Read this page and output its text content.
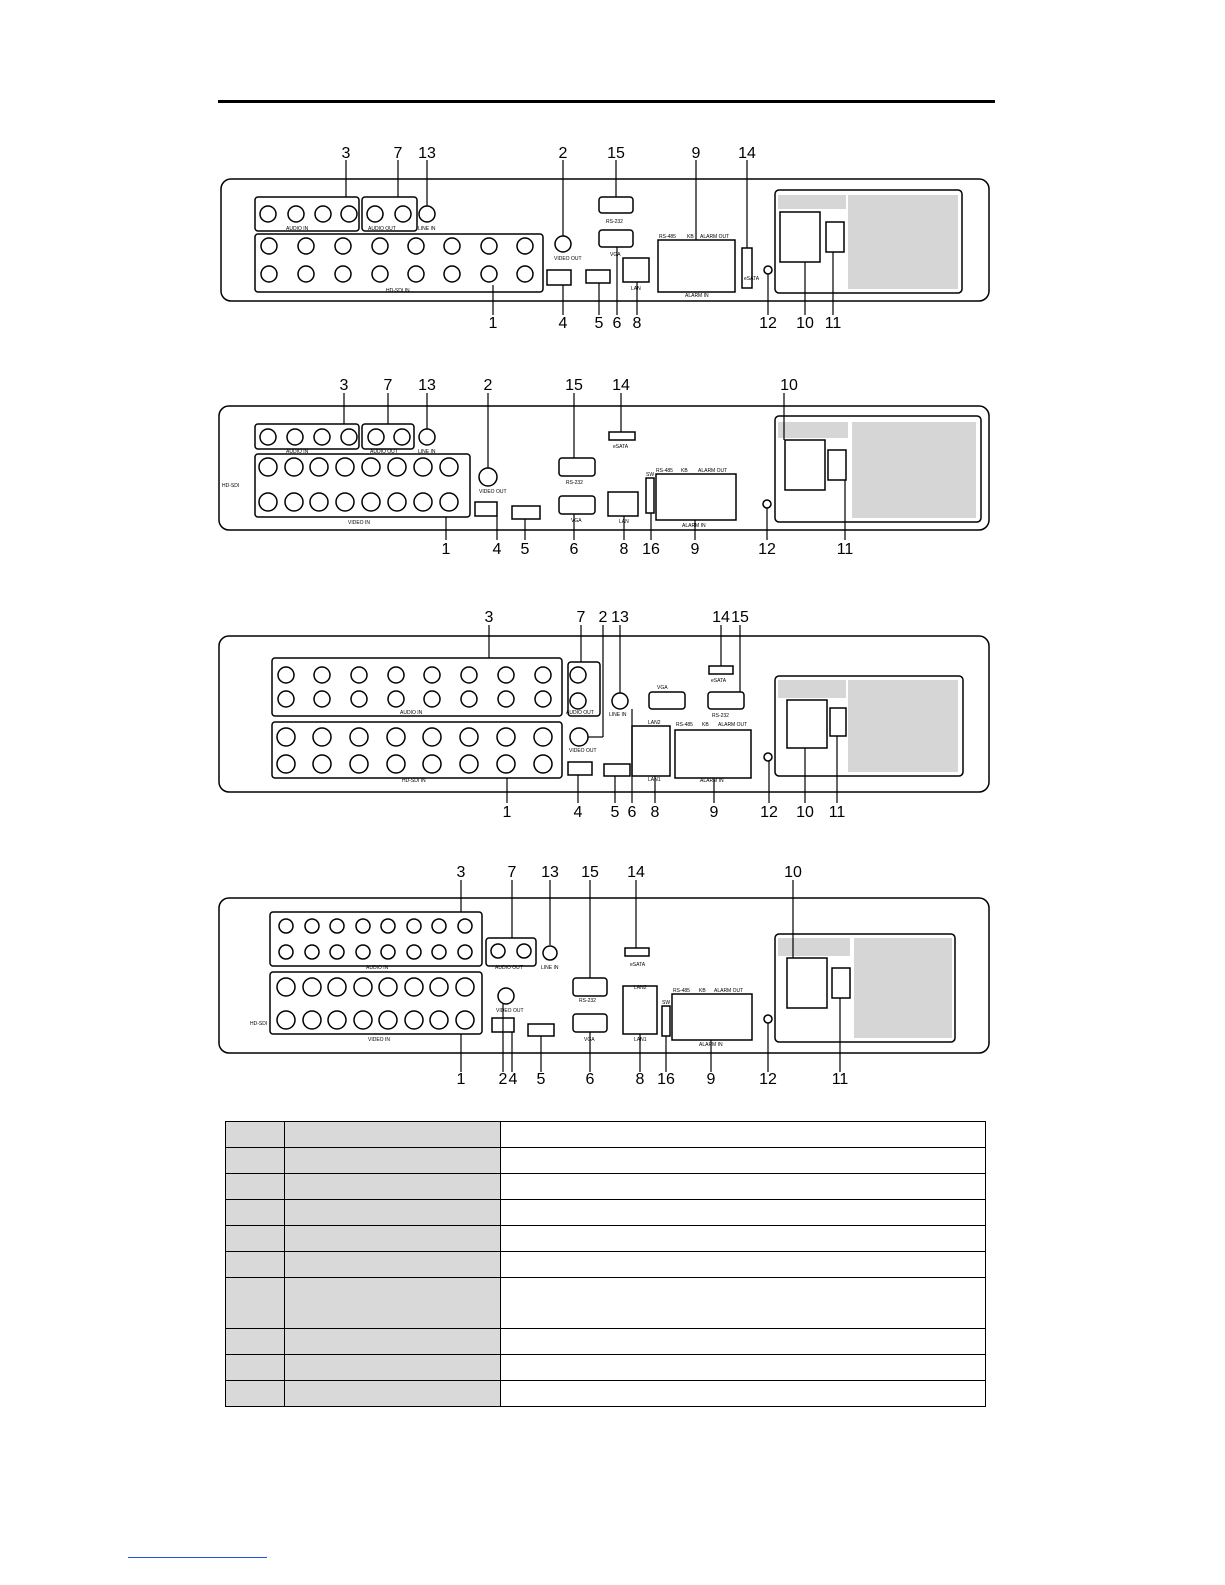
AUDIO IN	AUDIO OUT	LINE IN
HD-SDI IN
VIDEO OUT
RS-232
VGA
LAN
RS-485 KB ALARM OUT
ALARM IN
eSATA
3	7 13	2 15	9 14
1	4 5 6 8	12 10 11
AUDIO IN	AUDIO OUT	LINE IN
HD-SDI
VIDEO IN
VIDEO OUT
RS-232
VGA	LAN
SW
RS-485 KB ALARM OUT
ALARM IN
eSATA
3 7 13	2	15 14	10
1	4 5	6	8 16 9	12	11
AUDIO IN	AUDIO OUT	LINE IN
HD-SDI IN
VIDEO OUT
RS-232
VGA
LAN1
LAN2	RS-485 KB ALARM OUT
ALARM IN
eSATA
3	7 2 13	14 15
1	4 5 6 8	9	12 10 11
AUDIO IN	AUDIO OUT	LINE IN
HD-SDI
VIDEO IN
VIDEO OUT
RS-232
VGA	LAN1
LAN2
SW
RS-485 KB ALARM OUT
ALARM IN
eSATA
3	7 13 15 14	10
1 2 4 5	6	8 16 9	12	11
